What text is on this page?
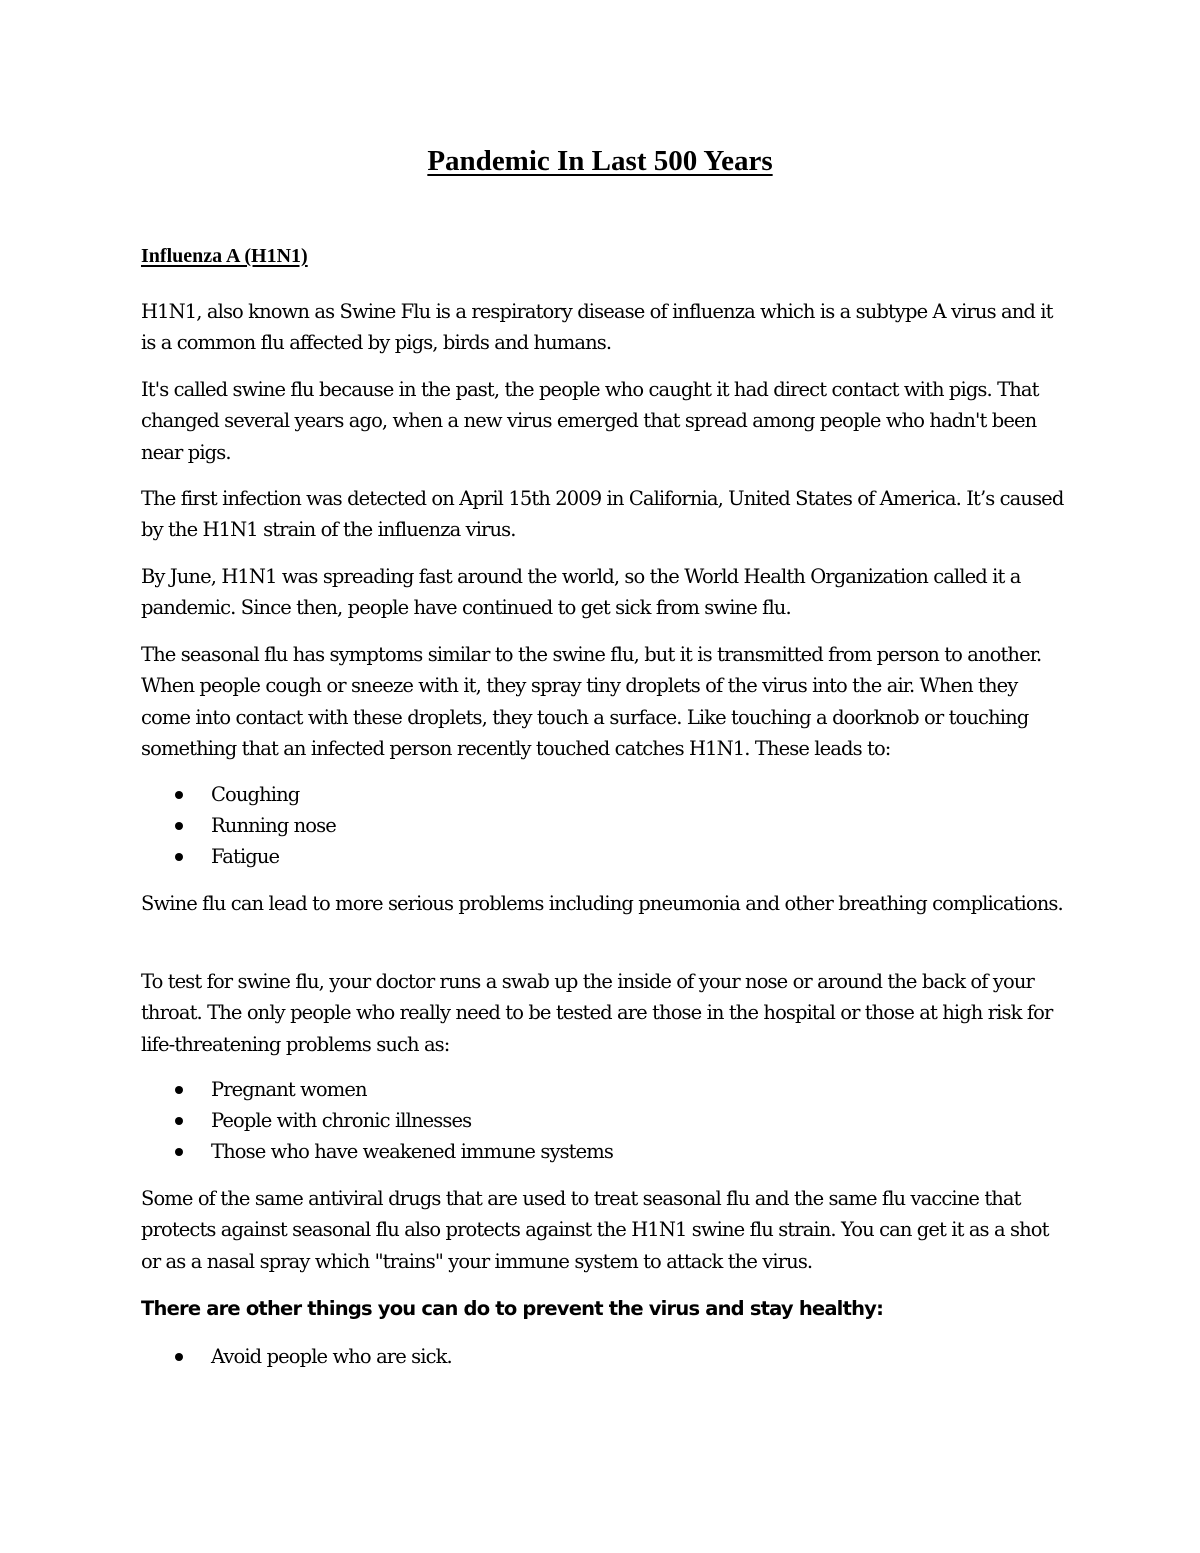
Pandemic In Last 500 Years
Influenza A (H1N1)

H1N1, also known as Swine Flu is a respiratory disease of influenza which is a subtype A virus and it is a common flu affected by pigs, birds and humans.

It's called swine flu because in the past, the people who caught it had direct contact with pigs. That changed several years ago, when a new virus emerged that spread among people who hadn't been near pigs.

The first infection was detected on April 15th 2009 in California, United States of America. It’s caused by the H1N1 strain of the influenza virus.

By June, H1N1 was spreading fast around the world, so the World Health Organization called it a pandemic. Since then, people have continued to get sick from swine flu.

The seasonal flu has symptoms similar to the swine flu, but it is transmitted from person to another. When people cough or sneeze with it, they spray tiny droplets of the virus into the air. When they come into contact with these droplets, they touch a surface. Like touching a doorknob or touching something that an infected person recently touched catches H1N1. These leads to:

Coughing
Running nose
Fatigue

Swine flu can lead to more serious problems including pneumonia and other breathing complications.

To test for swine flu, your doctor runs a swab up the inside of your nose or around the back of your throat. The only people who really need to be tested are those in the hospital or those at high risk for life-threatening problems such as:

Pregnant women
People with chronic illnesses
Those who have weakened immune systems

Some of the same antiviral drugs that are used to treat seasonal flu and the same flu vaccine that protects against seasonal flu also protects against the H1N1 swine flu strain. You can get it as a shot or as a nasal spray which "trains" your immune system to attack the virus.

There are other things you can do to prevent the virus and stay healthy:

Avoid people who are sick.
